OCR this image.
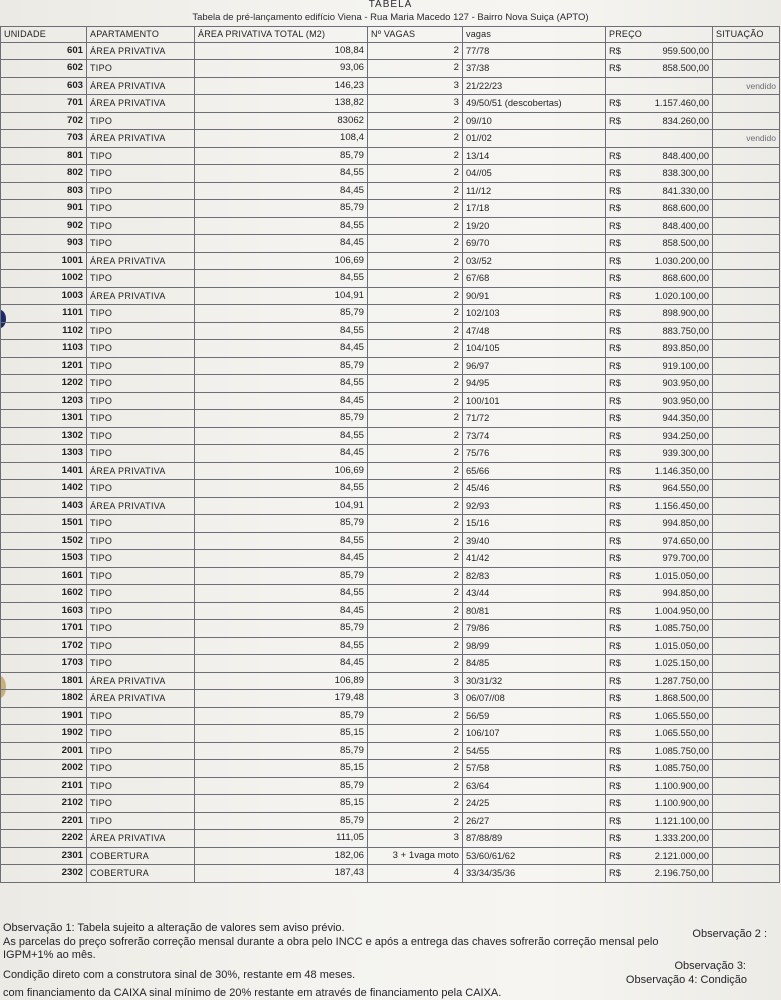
TABELA
Tabela de pré-lançamento edifício Viena - Rua Maria Macedo 127 - Bairro Nova Suiça (APTO)
UNIDADE	APARTAMENTO	ÁREA PRIVATIVA TOTAL (M2)	Nº VAGAS	vagas	PREÇO	SITUAÇÃO
601	ÁREA PRIVATIVA	108,84	2	77/78	R$ 959.500,00	

602	TIPO	93,06	2	37/38	R$ 858.500,00	

603	ÁREA PRIVATIVA	146,23	3	21/22/23		vendido
701	ÁREA PRIVATIVA	138,82	3	49/50/51 (descobertas)	R$ 1.157.460,00	

702	TIPO	83062	2	09//10	R$ 834.260,00	

703	ÁREA PRIVATIVA	108,4	2	01//02		vendido
801	TIPO	85,79	2	13/14	R$ 848.400,00	

802	TIPO	84,55	2	04//05	R$ 838.300,00	

803	TIPO	84,45	2	11//12	R$ 841.330,00	

901	TIPO	85,79	2	17/18	R$ 868.600,00	

902	TIPO	84,55	2	19/20	R$ 848.400,00	

903	TIPO	84,45	2	69/70	R$ 858.500,00	

1001	ÁREA PRIVATIVA	106,69	2	03//52	R$ 1.030.200,00	

1002	TIPO	84,55	2	67/68	R$ 868.600,00	

1003	ÁREA PRIVATIVA	104,91	2	90/91	R$ 1.020.100,00	

1101	TIPO	85,79	2	102/103	R$ 898.900,00	

1102	TIPO	84,55	2	47/48	R$ 883.750,00	

1103	TIPO	84,45	2	104/105	R$ 893.850,00	

1201	TIPO	85,79	2	96/97	R$ 919.100,00	

1202	TIPO	84,55	2	94/95	R$ 903.950,00	

1203	TIPO	84,45	2	100/101	R$ 903.950,00	

1301	TIPO	85,79	2	71/72	R$ 944.350,00	

1302	TIPO	84,55	2	73/74	R$ 934.250,00	

1303	TIPO	84,45	2	75/76	R$ 939.300,00	

1401	ÁREA PRIVATIVA	106,69	2	65/66	R$ 1.146.350,00	

1402	TIPO	84,55	2	45/46	R$ 964.550,00	

1403	ÁREA PRIVATIVA	104,91	2	92/93	R$ 1.156.450,00	

1501	TIPO	85,79	2	15/16	R$ 994.850,00	

1502	TIPO	84,55	2	39/40	R$ 974.650,00	

1503	TIPO	84,45	2	41/42	R$ 979.700,00	

1601	TIPO	85,79	2	82/83	R$ 1.015.050,00	

1602	TIPO	84,55	2	43/44	R$ 994.850,00	

1603	TIPO	84,45	2	80/81	R$ 1.004.950,00	

1701	TIPO	85,79	2	79/86	R$ 1.085.750,00	

1702	TIPO	84,55	2	98/99	R$ 1.015.050,00	

1703	TIPO	84,45	2	84/85	R$ 1.025.150,00	

1801	ÁREA PRIVATIVA	106,89	3	30/31/32	R$ 1.287.750,00	

1802	ÁREA PRIVATIVA	179,48	3	06/07//08	R$ 1.868.500,00	

1901	TIPO	85,79	2	56/59	R$ 1.065.550,00	

1902	TIPO	85,15	2	106/107	R$ 1.065.550,00	

2001	TIPO	85,79	2	54/55	R$ 1.085.750,00	

2002	TIPO	85,15	2	57/58	R$ 1.085.750,00	

2101	TIPO	85,79	2	63/64	R$ 1.100.900,00	

2102	TIPO	85,15	2	24/25	R$ 1.100.900,00	

2201	TIPO	85,79	2	26/27	R$ 1.121.100,00	

2202	ÁREA PRIVATIVA	111,05	3	87/88/89	R$ 1.333.200,00	

2301	COBERTURA	182,06	3 + 1vaga moto	53/60/61/62	R$ 2.121.000,00	

2302	COBERTURA	187,43	4	33/34/35/36	R$ 2.196.750,00	

Observação 1: Tabela sujeito a alteração de valores sem aviso prévio.	Observação 2 :
As parcelas do preço sofrerão correção mensal durante a obra pelo INCC e após a entrega das chaves sofrerão correção mensal pelo
IGPM+1% ao mês.
Observação 3:
Condição direto com a construtora sinal de 30%, restante em 48 meses.	Observação 4: Condição
com financiamento da CAIXA sinal mínimo de 20% restante em através de financiamento pela CAIXA.
